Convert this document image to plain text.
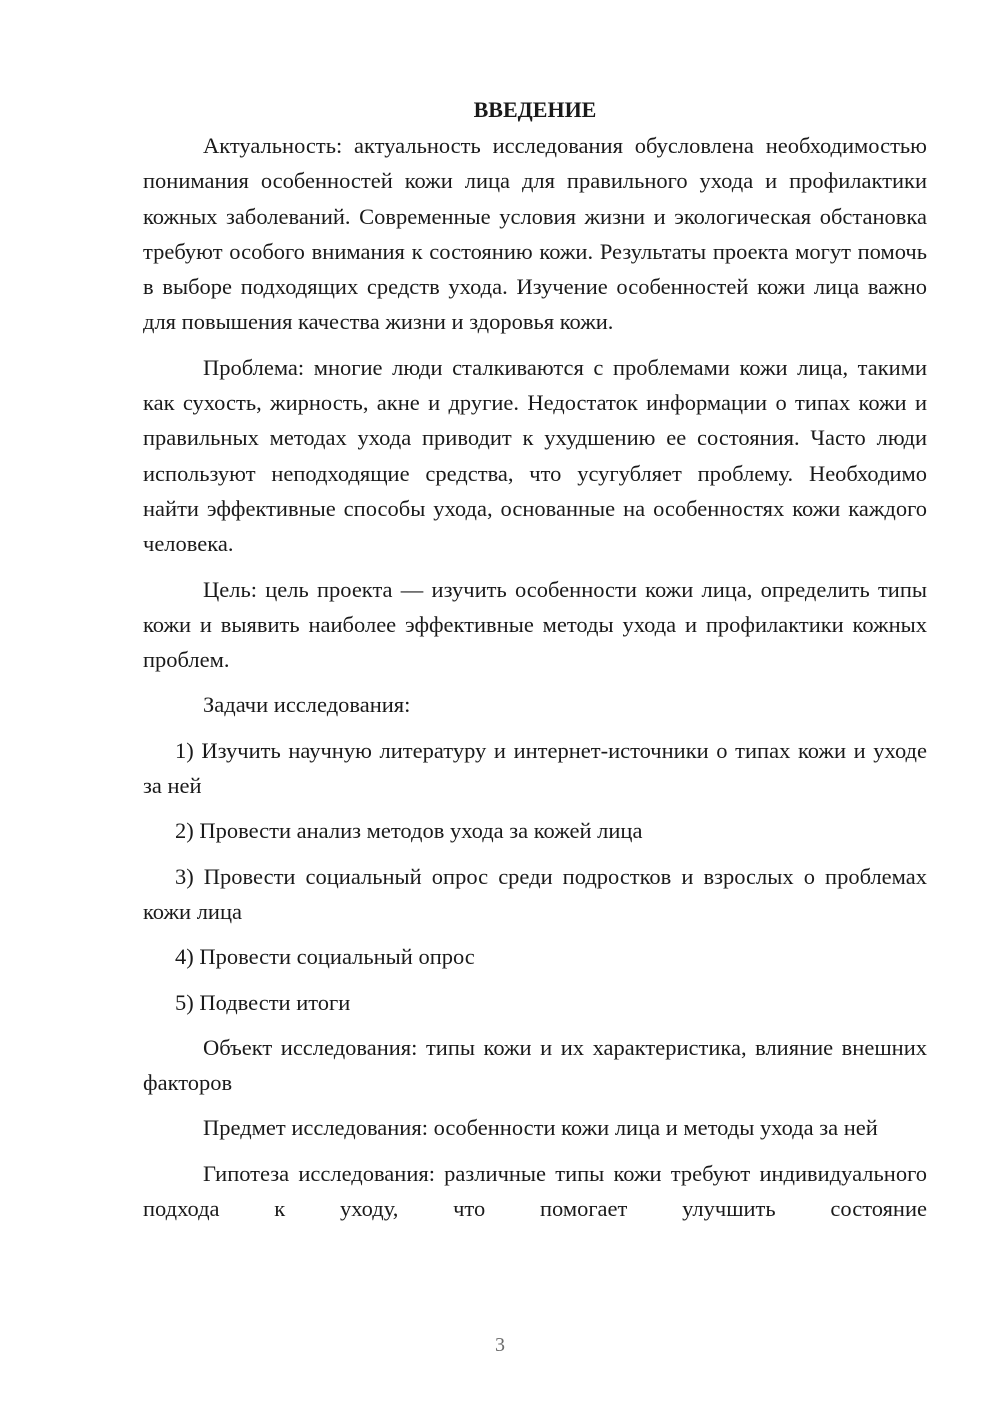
ВВЕДЕНИЕ

Актуальность: актуальность исследования обусловлена необходимостью понимания особенностей кожи лица для правильного ухода и профилактики кожных заболеваний. Современные условия жизни и экологическая обстановка требуют особого внимания к состоянию кожи. Результаты проекта могут помочь в выборе подходящих средств ухода. Изучение особенностей кожи лица важно для повышения качества жизни и здоровья кожи.

Проблема: многие люди сталкиваются с проблемами кожи лица, такими как сухость, жирность, акне и другие. Недостаток информации о типах кожи и правильных методах ухода приводит к ухудшению ее состояния. Часто люди используют неподходящие средства, что усугубляет проблему. Необходимо найти эффективные способы ухода, основанные на особенностях кожи каждого человека.

Цель: цель проекта — изучить особенности кожи лица, определить типы кожи и выявить наиболее эффективные методы ухода и профилактики кожных проблем.

Задачи исследования:

1) Изучить научную литературу и интернет-источники о типах кожи и уходе за ней

2) Провести анализ методов ухода за кожей лица

3) Провести социальный опрос среди подростков и взрослых о проблемах кожи лица

4) Провести социальный опрос

5) Подвести итоги

Объект исследования: типы кожи и их характеристика, влияние внешних факторов

Предмет исследования: особенности кожи лица и методы ухода за ней

Гипотеза исследования: различные типы кожи требуют индивидуального подхода к уходу, что помогает улучшить состояние

3
